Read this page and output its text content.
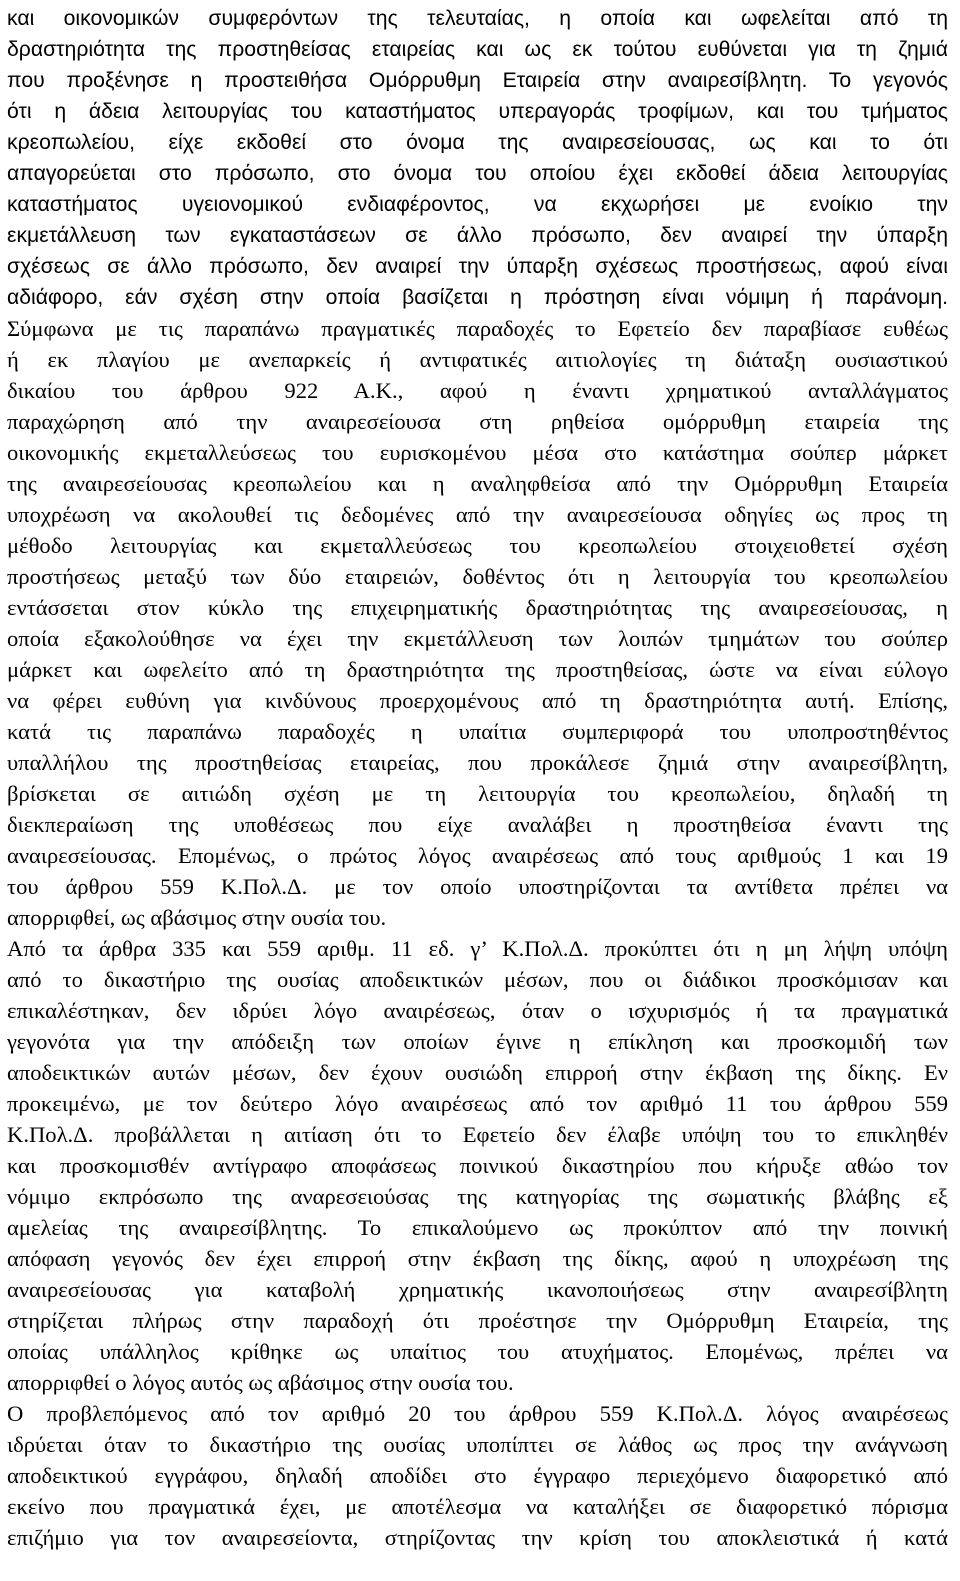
και οικονομικών συμφερόντων της τελευταίας, η οποία και ωφελείται από τη
δραστηριότητα της προστηθείσας εταιρείας και ως εκ τούτου ευθύνεται για τη ζημιά
που προξένησε η προστειθήσα Ομόρρυθμη Εταιρεία στην αναιρεσίβλητη. Το γεγονός
ότι η άδεια λειτουργίας του καταστήματος υπεραγοράς τροφίμων, και του τμήματος
κρεοπωλείου, είχε εκδοθεί στο όνομα της αναιρεσείουσας, ως και το ότι
απαγορεύεται στο πρόσωπο, στο όνομα του οποίου έχει εκδοθεί άδεια λειτουργίας
καταστήματος υγειονομικού ενδιαφέροντος, να εκχωρήσει με ενοίκιο την
εκμετάλλευση των εγκαταστάσεων σε άλλο πρόσωπο, δεν αναιρεί την ύπαρξη
σχέσεως σε άλλο πρόσωπο, δεν αναιρεί την ύπαρξη σχέσεως προστήσεως, αφού είναι
αδιάφορο, εάν σχέση στην οποία βασίζεται η πρόστηση είναι νόμιμη ή παράνομη.
Σύμφωνα με τις παραπάνω πραγματικές παραδοχές το Εφετείο δεν παραβίασε ευθέως
ή εκ πλαγίου με ανεπαρκείς ή αντιφατικές αιτιολογίες τη διάταξη ουσιαστικού
δικαίου του άρθρου 922 Α.Κ., αφού η έναντι χρηματικού ανταλλάγματος
παραχώρηση από την αναιρεσείουσα στη ρηθείσα ομόρρυθμη εταιρεία της
οικονομικής εκμεταλλεύσεως του ευρισκομένου μέσα στο κατάστημα σούπερ μάρκετ
της αναιρεσείουσας κρεοπωλείου και η αναληφθείσα από την Ομόρρυθμη Εταιρεία
υποχρέωση να ακολουθεί τις δεδομένες από την αναιρεσείουσα οδηγίες ως προς τη
μέθοδο λειτουργίας και εκμεταλλεύσεως του κρεοπωλείου στοιχειοθετεί σχέση
προστήσεως μεταξύ των δύο εταιρειών, δοθέντος ότι η λειτουργία του κρεοπωλείου
εντάσσεται στον κύκλο της επιχειρηματικής δραστηριότητας της αναιρεσείουσας, η
οποία εξακολούθησε να έχει την εκμετάλλευση των λοιπών τμημάτων του σούπερ
μάρκετ και ωφελείτο από τη δραστηριότητα της προστηθείσας, ώστε να είναι εύλογο
να φέρει ευθύνη για κινδύνους προερχομένους από τη δραστηριότητα αυτή. Επίσης,
κατά τις παραπάνω παραδοχές η υπαίτια συμπεριφορά του υποπροστηθέντος
υπαλλήλου της προστηθείσας εταιρείας, που προκάλεσε ζημιά στην αναιρεσίβλητη,
βρίσκεται σε αιτιώδη σχέση με τη λειτουργία του κρεοπωλείου, δηλαδή τη
διεκπεραίωση της υποθέσεως που είχε αναλάβει η προστηθείσα έναντι της
αναιρεσείουσας. Επομένως, ο πρώτος λόγος αναιρέσεως από τους αριθμούς 1 και 19
του άρθρου 559 Κ.Πολ.Δ. με τον οποίο υποστηρίζονται τα αντίθετα πρέπει να
απορριφθεί, ως αβάσιμος στην ουσία του.
Από τα άρθρα 335 και 559 αριθμ. 11 εδ. γ’ Κ.Πολ.Δ. προκύπτει ότι η μη λήψη υπόψη
από το δικαστήριο της ουσίας αποδεικτικών μέσων, που οι διάδικοι προσκόμισαν και
επικαλέστηκαν, δεν ιδρύει λόγο αναιρέσεως, όταν ο ισχυρισμός ή τα πραγματικά
γεγονότα για την απόδειξη των οποίων έγινε η επίκληση και προσκομιδή των
αποδεικτικών αυτών μέσων, δεν έχουν ουσιώδη επιρροή στην έκβαση της δίκης. Εν
προκειμένω, με τον δεύτερο λόγο αναιρέσεως από τον αριθμό 11 του άρθρου 559
Κ.Πολ.Δ. προβάλλεται η αιτίαση ότι το Εφετείο δεν έλαβε υπόψη του το επικληθέν
και προσκομισθέν αντίγραφο αποφάσεως ποινικού δικαστηρίου που κήρυξε αθώο τον
νόμιμο εκπρόσωπο της αναρεσειούσας της κατηγορίας της σωματικής βλάβης εξ
αμελείας της αναιρεσίβλητης. Το επικαλούμενο ως προκύπτον από την ποινική
απόφαση γεγονός δεν έχει επιρροή στην έκβαση της δίκης, αφού η υποχρέωση της
αναιρεσείουσας για καταβολή χρηματικής ικανοποιήσεως στην αναιρεσίβλητη
στηρίζεται πλήρως στην παραδοχή ότι προέστησε την Ομόρρυθμη Εταιρεία, της
οποίας υπάλληλος κρίθηκε ως υπαίτιος του ατυχήματος. Επομένως, πρέπει να
απορριφθεί ο λόγος αυτός ως αβάσιμος στην ουσία του.
Ο προβλεπόμενος από τον αριθμό 20 του άρθρου 559 Κ.Πολ.Δ. λόγος αναιρέσεως
ιδρύεται όταν το δικαστήριο της ουσίας υποπίπτει σε λάθος ως προς την ανάγνωση
αποδεικτικού εγγράφου, δηλαδή αποδίδει στο έγγραφο περιεχόμενο διαφορετικό από
εκείνο που πραγματικά έχει, με αποτέλεσμα να καταλήξει σε διαφορετικό πόρισμα
επιζήμιο για τον αναιρεσείοντα, στηρίζοντας την κρίση του αποκλειστικά ή κατά
